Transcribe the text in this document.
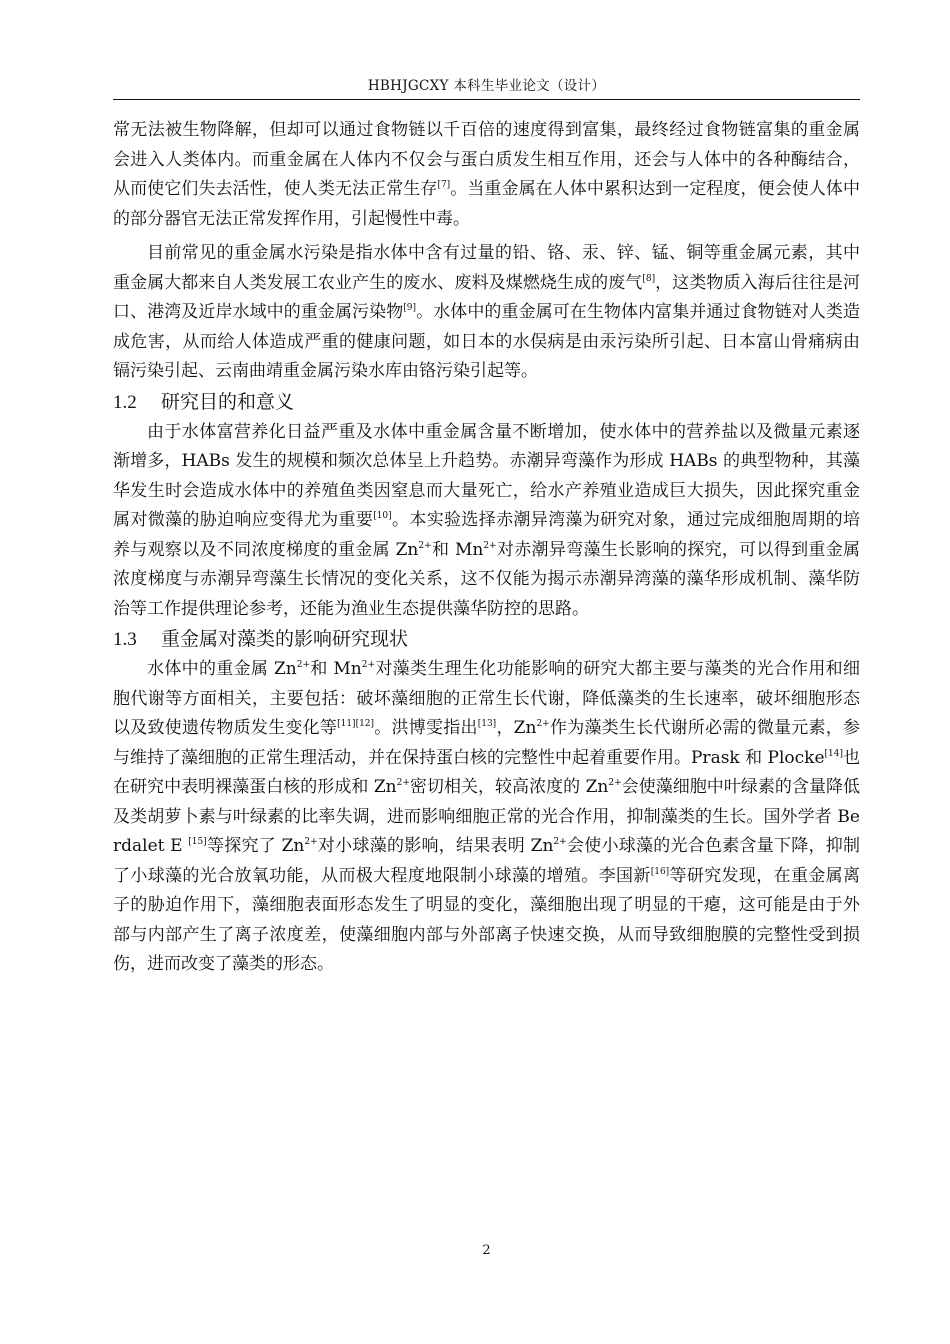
HBHJGCXY 本科生毕业论文（设计）

常无法被生物降解，但却可以通过食物链以千百倍的速度得到富集，最终经过食物链富集的重金属会进入人类体内。而重金属在人体内不仅会与蛋白质发生相互作用，还会与人体中的各种酶结合，从而使它们失去活性，使人类无法正常生存[7]。当重金属在人体中累积达到一定程度，便会使人体中的部分器官无法正常发挥作用，引起慢性中毒。

目前常见的重金属水污染是指水体中含有过量的铅、铬、汞、锌、锰、铜等重金属元素，其中重金属大都来自人类发展工农业产生的废水、废料及煤燃烧生成的废气[8]，这类物质入海后往往是河口、港湾及近岸水域中的重金属污染物[9]。水体中的重金属可在生物体内富集并通过食物链对人类造成危害，从而给人体造成严重的健康问题，如日本的水俣病是由汞污染所引起、日本富山骨痛病由镉污染引起、云南曲靖重金属污染水库由铬污染引起等。

1.2 研究目的和意义

由于水体富营养化日益严重及水体中重金属含量不断增加，使水体中的营养盐以及微量元素逐渐增多，HABs 发生的规模和频次总体呈上升趋势。赤潮异弯藻作为形成 HABs 的典型物种，其藻华发生时会造成水体中的养殖鱼类因窒息而大量死亡，给水产养殖业造成巨大损失，因此探究重金属对微藻的胁迫响应变得尤为重要[10]。本实验选择赤潮异湾藻为研究对象，通过完成细胞周期的培养与观察以及不同浓度梯度的重金属 $Zn^{2+}$和 $Mn^{2+}$对赤潮异弯藻生长影响的探究，可以得到重金属浓度梯度与赤潮异弯藻生长情况的变化关系，这不仅能为揭示赤潮异湾藻的藻华形成机制、藻华防治等工作提供理论参考，还能为渔业生态提供藻华防控的思路。

1.3 重金属对藻类的影响研究现状

水体中的重金属 $Zn^{2+}$和 $Mn^{2+}$对藻类生理生化功能影响的研究大都主要与藻类的光合作用和细胞代谢等方面相关，主要包括：破坏藻细胞的正常生长代谢，降低藻类的生长速率，破坏细胞形态以及致使遗传物质发生变化等[11][12]。洪博雯指出[13]，$Zn^{2+}$作为藻类生长代谢所必需的微量元素，参与维持了藻细胞的正常生理活动，并在保持蛋白核的完整性中起着重要作用。Prask 和 Plocke[14]也在研究中表明裸藻蛋白核的形成和 $Zn^{2+}$密切相关，较高浓度的 $Zn^{2+}$会使藻细胞中叶绿素的含量降低及类胡萝卜素与叶绿素的比率失调，进而影响细胞正常的光合作用，抑制藻类的生长。国外学者 Berdalet E [15]等探究了 $Zn^{2+}$对小球藻的影响，结果表明 $Zn^{2+}$会使小球藻的光合色素含量下降，抑制了小球藻的光合放氧功能，从而极大程度地限制小球藻的增殖。李国新[16]等研究发现，在重金属离子的胁迫作用下，藻细胞表面形态发生了明显的变化，藻细胞出现了明显的干瘪，这可能是由于外部与内部产生了离子浓度差，使藻细胞内部与外部离子快速交换，从而导致细胞膜的完整性受到损伤，进而改变了藻类的形态。

2
